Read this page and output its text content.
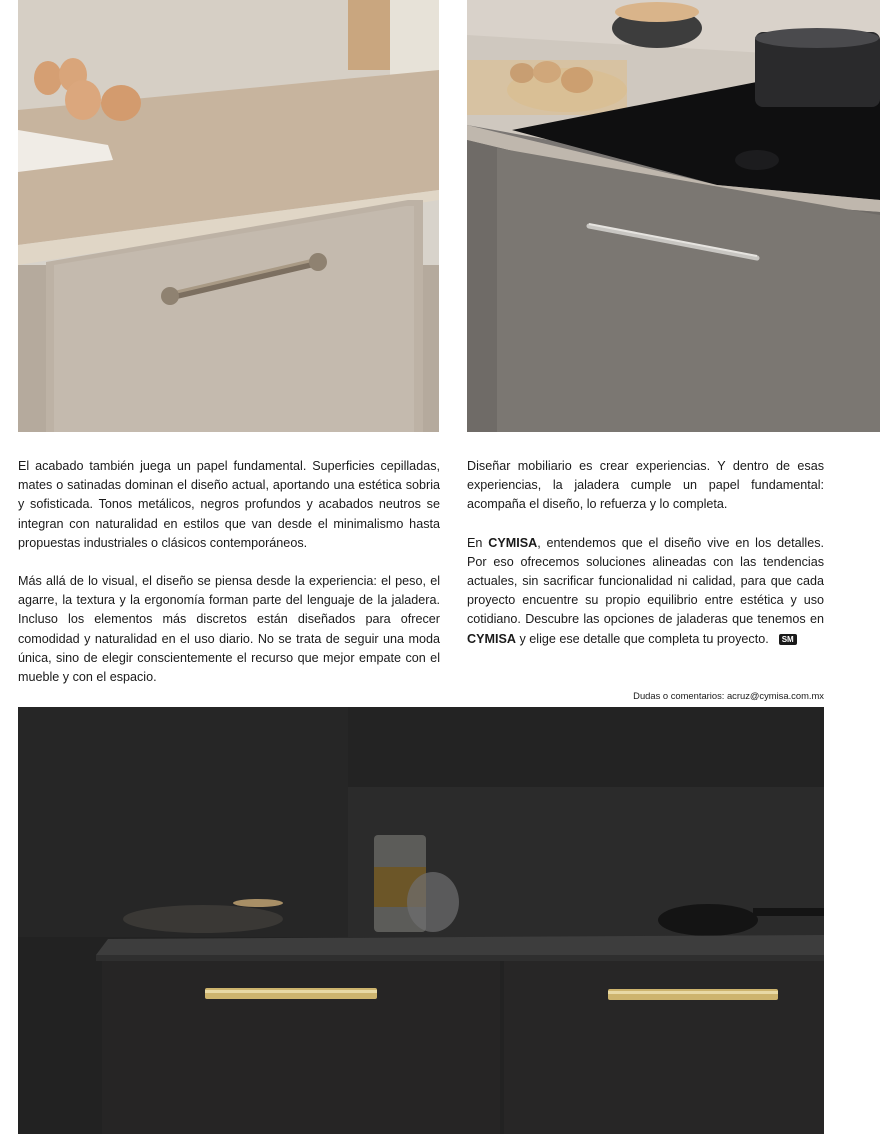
El acabado también juega un papel fundamental. Superficies cepilladas, mates o satinadas dominan el diseño actual, aportando una estética sobria y sofisticada. Tonos metálicos, negros profundos y acabados neutros se integran con naturalidad en estilos que van desde el minimalismo hasta propuestas industriales o clásicos contemporáneos.

Más allá de lo visual, el diseño se piensa desde la experiencia: el peso, el agarre, la textura y la ergonomía forman parte del lenguaje de la jaladera. Incluso los elementos más discretos están diseñados para ofrecer comodidad y naturalidad en el uso diario. No se trata de seguir una moda única, sino de elegir conscientemente el recurso que mejor empate con el mueble y con el espacio.

Diseñar mobiliario es crear experiencias. Y dentro de esas experiencias, la jaladera cumple un papel fundamental: acompaña el diseño, lo refuerza y lo completa.

En CYMISA, entendemos que el diseño vive en los detalles. Por eso ofrecemos soluciones alineadas con las tendencias actuales, sin sacrificar funcionalidad ni calidad, para que cada proyecto encuentre su propio equilibrio entre estética y uso cotidiano. Descubre las opciones de jaladeras que tenemos en CYMISA y elige ese detalle que completa tu proyecto. SM

Dudas o comentarios: acruz@cymisa.com.mx
